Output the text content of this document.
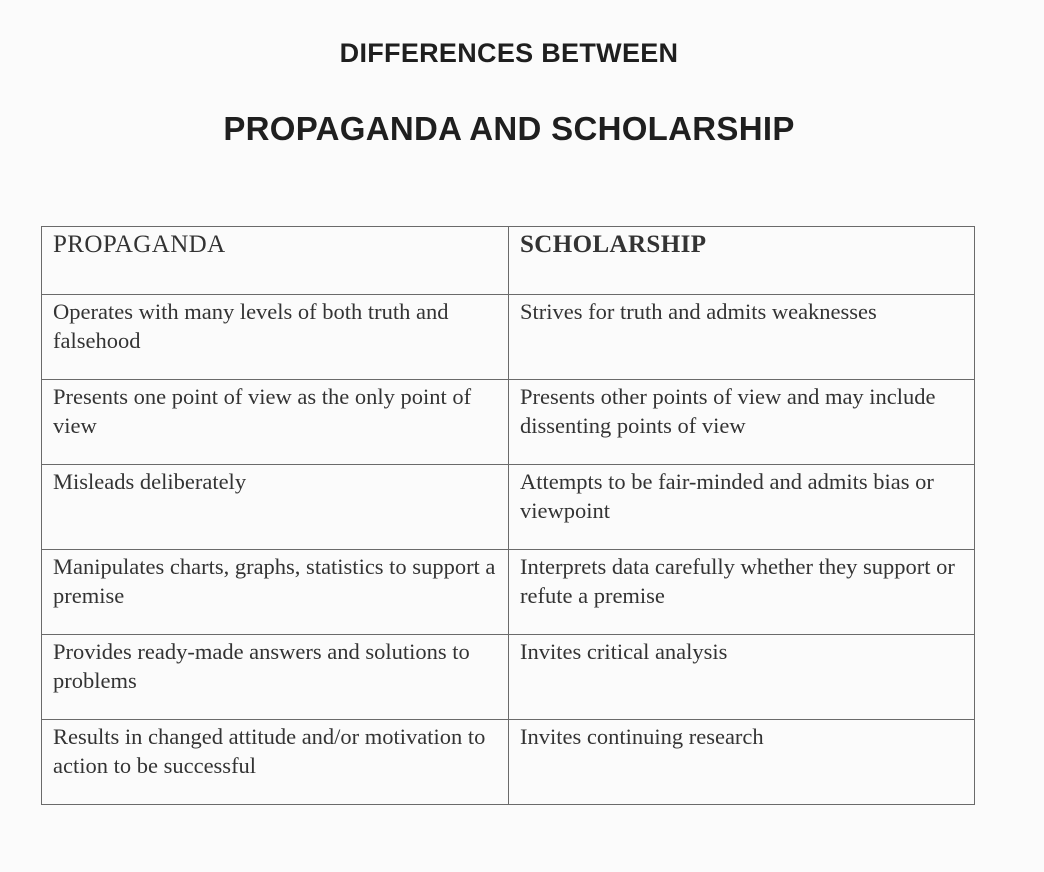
DIFFERENCES BETWEEN
PROPAGANDA AND SCHOLARSHIP
PROPAGANDA	SCHOLARSHIP
Operates with many levels of both truth and falsehood	Strives for truth and admits weaknesses
Presents one point of view as the only point of view	Presents other points of view and may include dissenting points of view
Misleads deliberately	Attempts to be fair-minded and admits bias or viewpoint
Manipulates charts, graphs, statistics to support a premise	Interprets data carefully whether they support or refute a premise
Provides ready-made answers and solutions to problems	Invites critical analysis
Results in changed attitude and/or motivation to action to be successful	Invites continuing research
